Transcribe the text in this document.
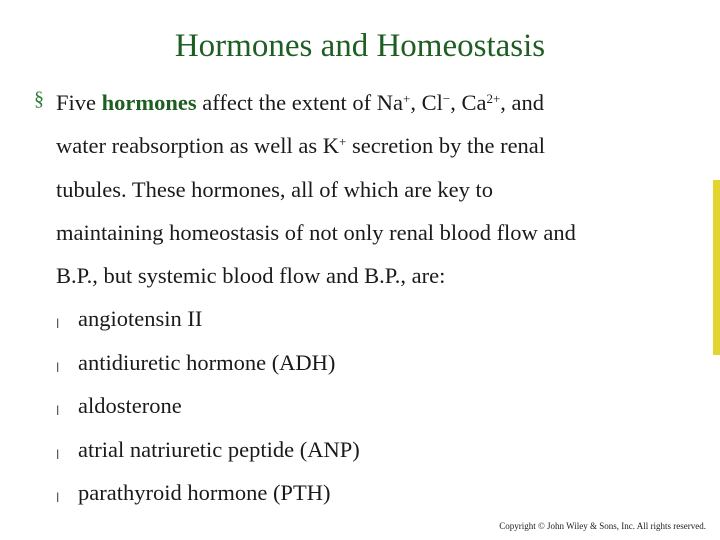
Hormones and Homeostasis
§ Five hormones affect the extent of Na+, Cl−, $Ca^{2+}$, and
water reabsorption as well as K+ secretion by the renal
tubules. These hormones, all of which are key to
maintaining homeostasis of not only renal blood flow and
B.P., but systemic blood flow and B.P., are:
l angiotensin II
l antidiuretic hormone (ADH)
l aldosterone
l atrial natriuretic peptide (ANP)
l parathyroid hormone (PTH)
Copyright © John Wiley & Sons, Inc. All rights reserved.
